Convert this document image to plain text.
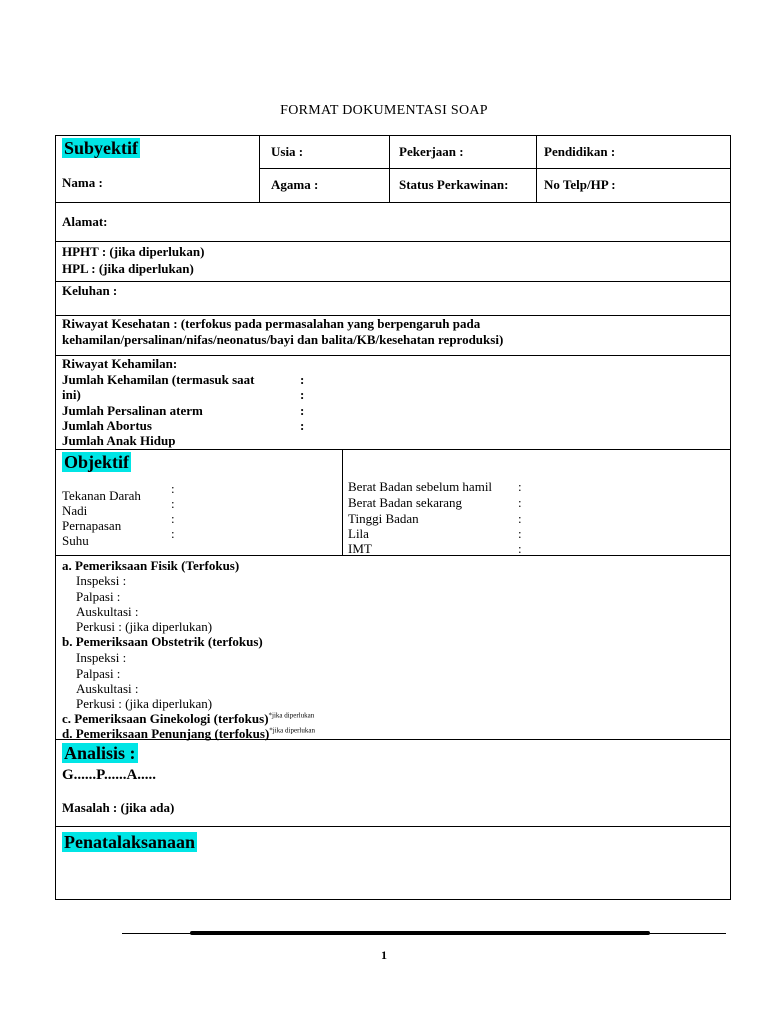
FORMAT DOKUMENTASI SOAP
Subyektif
Nama :
Usia :
Agama :
Pekerjaan :
Status Perkawinan:
Pendidikan :
No Telp/HP :
Alamat:
HPHT : (jika diperlukan)
HPL : (jika diperlukan)
Keluhan :
Riwayat Kesehatan : (terfokus pada permasalahan yang berpengaruh pada
kehamilan/persalinan/nifas/neonatus/bayi dan balita/KB/kesehatan reproduksi)
Riwayat Kehamilan:
Jumlah Kehamilan (termasuk saat
ini)
Jumlah Persalinan aterm
Jumlah Abortus
Jumlah Anak Hidup
:
:
:
:
Objektif
Tekanan Darah
Nadi
Pernapasan
Suhu
:
:
:
:
Berat Badan sebelum hamil
Berat Badan sekarang
Tinggi Badan
Lila
IMT
:
:
:
:
:
a. Pemeriksaan Fisik (Terfokus)
Inspeksi :
Palpasi :
Auskultasi :
Perkusi : (jika diperlukan)
b. Pemeriksaan Obstetrik (terfokus)
Inspeksi :
Palpasi :
Auskultasi :
Perkusi : (jika diperlukan)
c. Pemeriksaan Ginekologi (terfokus)$^{*jika diperlukan}$
d. Pemeriksaan Penunjang (terfokus)$^{*jika diperlukan}$
Analisis :
G......P......A.....
Masalah : (jika ada)
Penatalaksanaan
1
